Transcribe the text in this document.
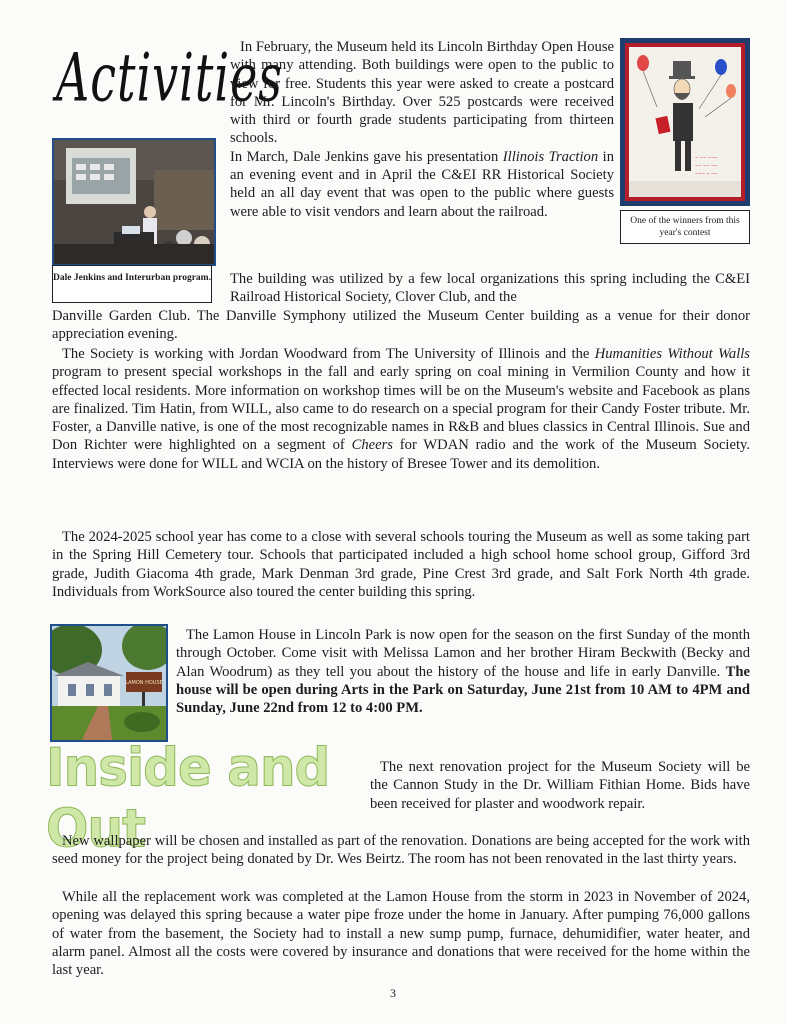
Activities
Dale Jenkins and Interurban program.
~ ~~ ~~~
~~ ~~ ~~
~~~ ~ ~~
One of the winners from this year's contest

In February, the Museum held its Lincoln Birthday Open House with many attending. Both buildings were open to the public to view for free. Students this year were asked to create a postcard for Mr. Lincoln's Birthday. Over 525 postcards were received with third or fourth grade students participating from thirteen schools.

In March, Dale Jenkins gave his presentation Illinois Traction in an evening event and in April the C&EI RR Historical Society held an all day event that was open to the public where guests were able to visit vendors and learn about the railroad.

The building was utilized by a few local organizations this spring including the C&EI Railroad Historical Society, Clover Club, and the
Danville Garden Club. The Danville Symphony utilized the Museum Center building as a venue for their donor appreciation evening.
The Society is working with Jordan Woodward from The University of Illinois and the Humanities Without Walls program to present special workshops in the fall and early spring on coal mining in Vermilion County and how it effected local residents. More information on workshop times will be on the Museum's website and Facebook as plans are finalized. Tim Hatin, from WILL, also came to do research on a special program for their Candy Foster tribute. Mr. Foster, a Danville native, is one of the most recognizable names in R&B and blues classics in Central Illinois. Sue and Don Richter were highlighted on a segment of Cheers for WDAN radio and the work of the Museum Society. Interviews were done for WILL and WCIA on the history of Bresee Tower and its demolition.
The 2024-2025 school year has come to a close with several schools touring the Museum as well as some taking part in the Spring Hill Cemetery tour. Schools that participated included a high school home school group, Gifford 3rd grade, Judith Giacoma 4th grade, Mark Denman 3rd grade, Pine Crest 3rd grade, and Salt Fork North 4th grade. Individuals from WorkSource also toured the center building this spring.
LAMON HOUSE
The Lamon House in Lincoln Park is now open for the season on the first Sunday of the month through October. Come visit with Melissa Lamon and her brother Hiram Beckwith (Becky and Alan Woodrum) as they tell you about the history of the house and life in early Danville. The house will be open during Arts in the Park on Saturday, June 21st from 10 AM to 4PM and Sunday, June 22nd from 12 to 4:00 PM.
Inside and Out
The next renovation project for the Museum Society will be the Cannon Study in the Dr. William Fithian Home. Bids have been received for plaster and woodwork repair.
New wallpaper will be chosen and installed as part of the renovation. Donations are being accepted for the work with seed money for the project being donated by Dr. Wes Beirtz. The room has not been renovated in the last thirty years.
While all the replacement work was completed at the Lamon House from the storm in 2023 in November of 2024, opening was delayed this spring because a water pipe froze under the home in January. After pumping 76,000 gallons of water from the basement, the Society had to install a new sump pump, furnace, dehumidifier, water heater, and alarm panel. Almost all the costs were covered by insurance and donations that were received for the home within the last year.
3
